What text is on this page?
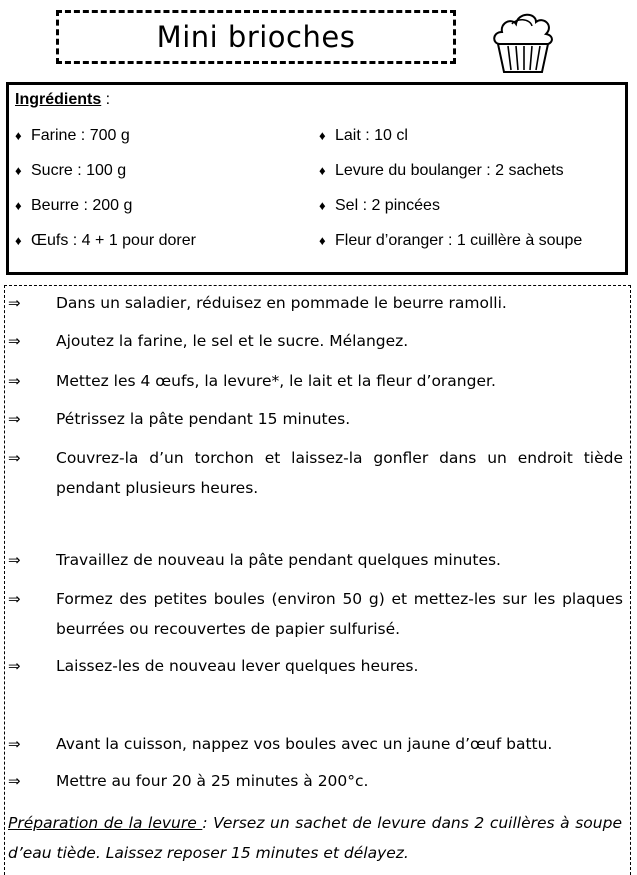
Mini brioches
Ingrédients :
♦ Farine : 700 g
♦ Sucre : 100 g
♦ Beurre : 200 g
♦ Œufs : 4 + 1 pour dorer
♦ Lait : 10 cl
♦ Levure du boulanger : 2 sachets
♦ Sel : 2 pincées
♦ Fleur d’oranger : 1 cuillère à soupe
⇒ Dans un saladier, réduisez en pommade le beurre ramolli.
⇒ Ajoutez la farine, le sel et le sucre. Mélangez.
⇒ Mettez les 4 œufs, la levure*, le lait et la fleur d’oranger.
⇒ Pétrissez la pâte pendant 15 minutes.
⇒ Couvrez-la d’un torchon et laissez-la gonfler dans un endroit tiède pendant plusieurs heures.
⇒ Travaillez de nouveau la pâte pendant quelques minutes.
⇒ Formez des petites boules (environ 50 g) et mettez-les sur les plaques beurrées ou recouvertes de papier sulfurisé.
⇒ Laissez-les de nouveau lever quelques heures.
⇒ Avant la cuisson, nappez vos boules avec un jaune d’œuf battu.
⇒ Mettre au four 20 à 25 minutes à 200°c.
Préparation de la levure : Versez un sachet de levure dans 2 cuillères à soupe d’eau tiède. Laissez reposer 15 minutes et délayez.
